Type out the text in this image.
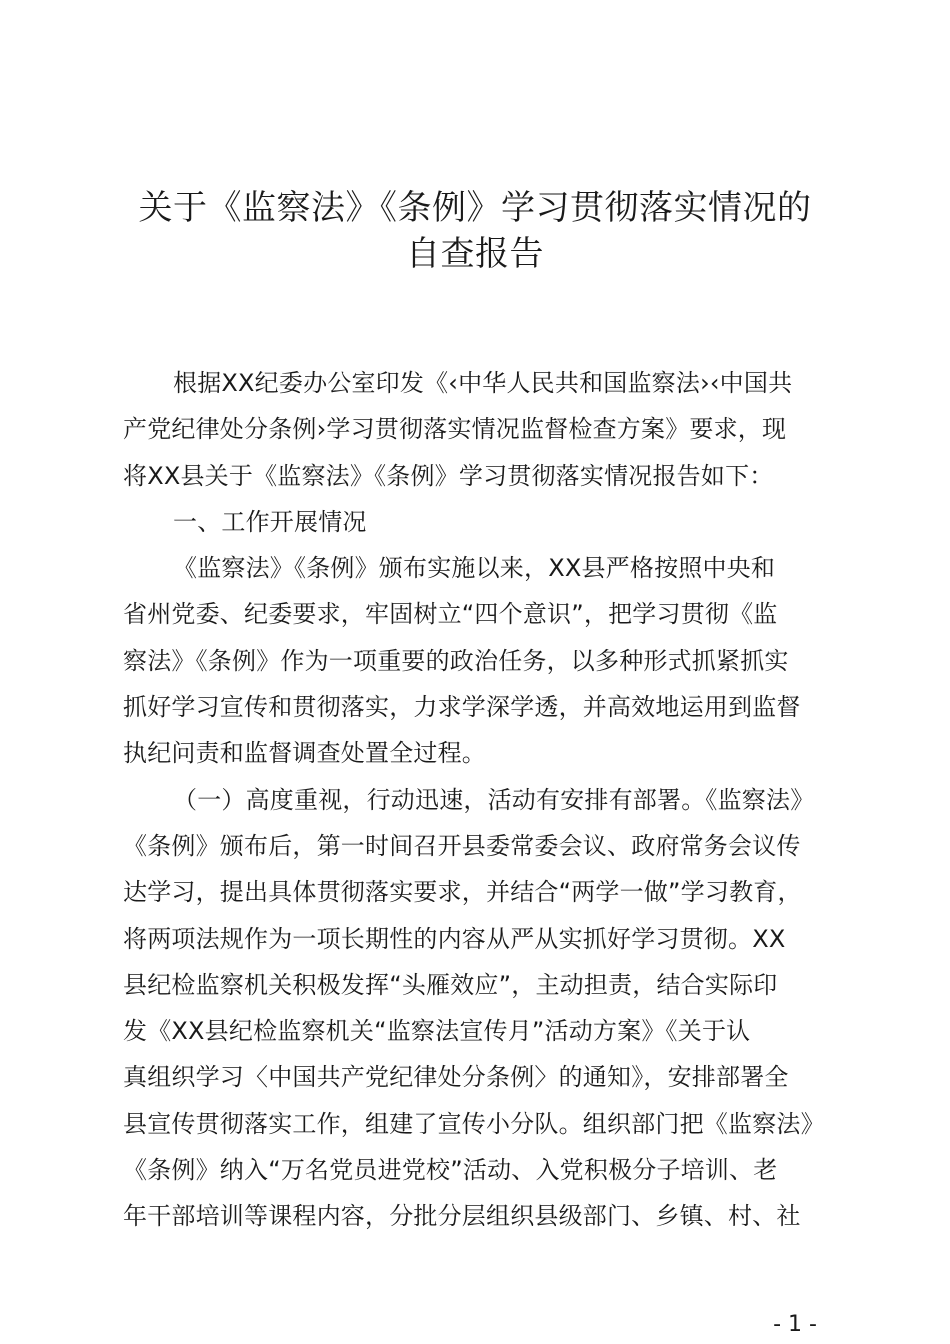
关于《监察法》《条例》学习贯彻落实情况的
自查报告

根据XX纪委办公室印发《‹中华人民共和国监察法›‹中国共

产党纪律处分条例›学习贯彻落实情况监督检查方案》要求，现

将XX县关于《监察法》《条例》学习贯彻落实情况报告如下：

一、工作开展情况

《监察法》《条例》颁布实施以来，XX县严格按照中央和

省州党委、纪委要求，牢固树立“四个意识”，把学习贯彻《监

察法》《条例》作为一项重要的政治任务，以多种形式抓紧抓实

抓好学习宣传和贯彻落实，力求学深学透，并高效地运用到监督

执纪问责和监督调查处置全过程。

（一）高度重视，行动迅速，活动有安排有部署。《监察法》

《条例》颁布后，第一时间召开县委常委会议、政府常务会议传

达学习，提出具体贯彻落实要求，并结合“两学一做”学习教育，

将两项法规作为一项长期性的内容从严从实抓好学习贯彻。XX

县纪检监察机关积极发挥“头雁效应”，主动担责，结合实际印

发《XX县纪检监察机关“监察法宣传月”活动方案》《关于认

真组织学习〈中国共产党纪律处分条例〉的通知》，安排部署全

县宣传贯彻落实工作，组建了宣传小分队。组织部门把《监察法》

《条例》纳入“万名党员进党校”活动、入党积极分子培训、老

年干部培训等课程内容，分批分层组织县级部门、乡镇、村、社

- 1 -
